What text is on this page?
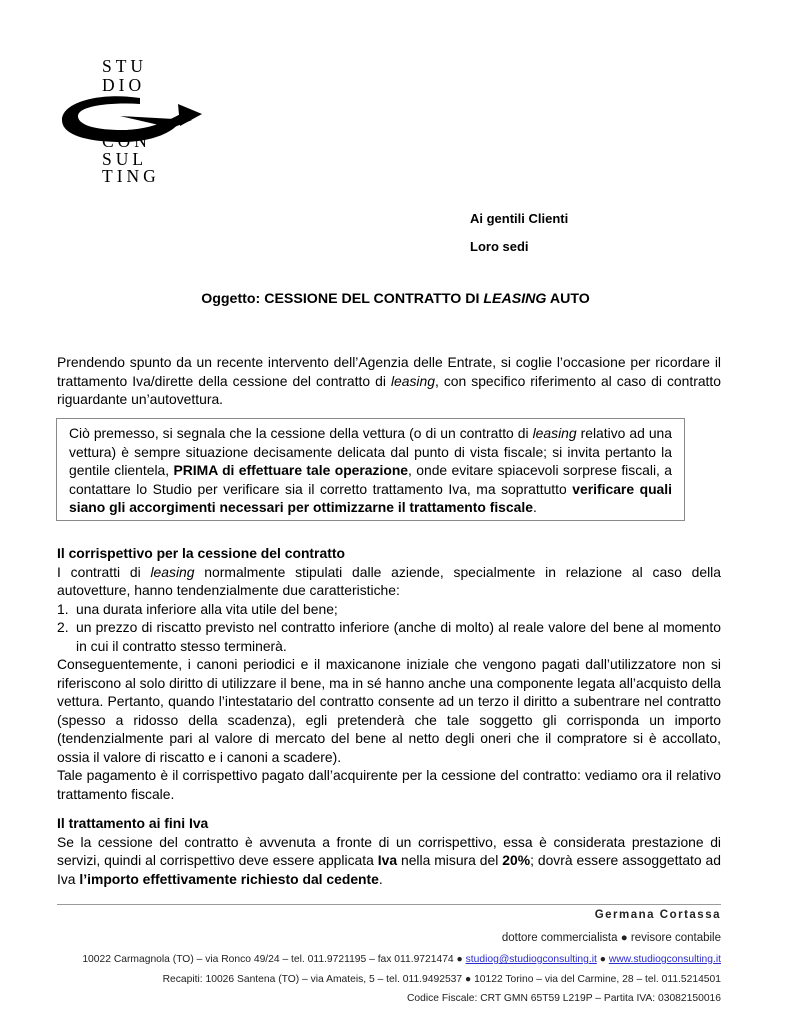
STU
DIO
CON
SUL
TING
Ai gentili Clienti
Loro sedi
Oggetto: CESSIONE DEL CONTRATTO DI LEASING AUTO
Prendendo spunto da un recente intervento dell’Agenzia delle Entrate, si coglie l’occasione per ricordare il trattamento Iva/dirette della cessione del contratto di leasing, con specifico riferimento al caso di contratto riguardante un’autovettura.
Ciò premesso, si segnala che la cessione della vettura (o di un contratto di leasing relativo ad una vettura) è sempre situazione decisamente delicata dal punto di vista fiscale; si invita pertanto la gentile clientela, PRIMA di effettuare tale operazione, onde evitare spiacevoli sorprese fiscali, a contattare lo Studio per verificare sia il corretto trattamento Iva, ma soprattutto verificare quali siano gli accorgimenti necessari per ottimizzarne il trattamento fiscale.
Il corrispettivo per la cessione del contratto
I contratti di leasing normalmente stipulati dalle aziende, specialmente in relazione al caso della autovetture, hanno tendenzialmente due caratteristiche:
1. una durata inferiore alla vita utile del bene;
2. un prezzo di riscatto previsto nel contratto inferiore (anche di molto) al reale valore del bene al momento in cui il contratto stesso terminerà.
Conseguentemente, i canoni periodici e il maxicanone iniziale che vengono pagati dall’utilizzatore non si riferiscono al solo diritto di utilizzare il bene, ma in sé hanno anche una componente legata all’acquisto della vettura. Pertanto, quando l’intestatario del contratto consente ad un terzo il diritto a subentrare nel contratto (spesso a ridosso della scadenza), egli pretenderà che tale soggetto gli corrisponda un importo (tendenzialmente pari al valore di mercato del bene al netto degli oneri che il compratore si è accollato, ossia il valore di riscatto e i canoni a scadere).
Tale pagamento è il corrispettivo pagato dall’acquirente per la cessione del contratto: vediamo ora il relativo trattamento fiscale.
Il trattamento ai fini Iva
Se la cessione del contratto è avvenuta a fronte di un corrispettivo, essa è considerata prestazione di servizi, quindi al corrispettivo deve essere applicata Iva nella misura del 20%; dovrà essere assoggettato ad Iva l’importo effettivamente richiesto dal cedente.
Germana Cortassa
dottore commercialista ● revisore contabile
10022 Carmagnola (TO) – via Ronco 49/24 – tel. 011.9721195 – fax 011.9721474 ● studiog@studiogconsulting.it ● www.studiogconsulting.it
Recapiti: 10026 Santena (TO) – via Amateis, 5 – tel. 011.9492537 ● 10122 Torino – via del Carmine, 28 – tel. 011.5214501
Codice Fiscale: CRT GMN 65T59 L219P – Partita IVA: 03082150016
